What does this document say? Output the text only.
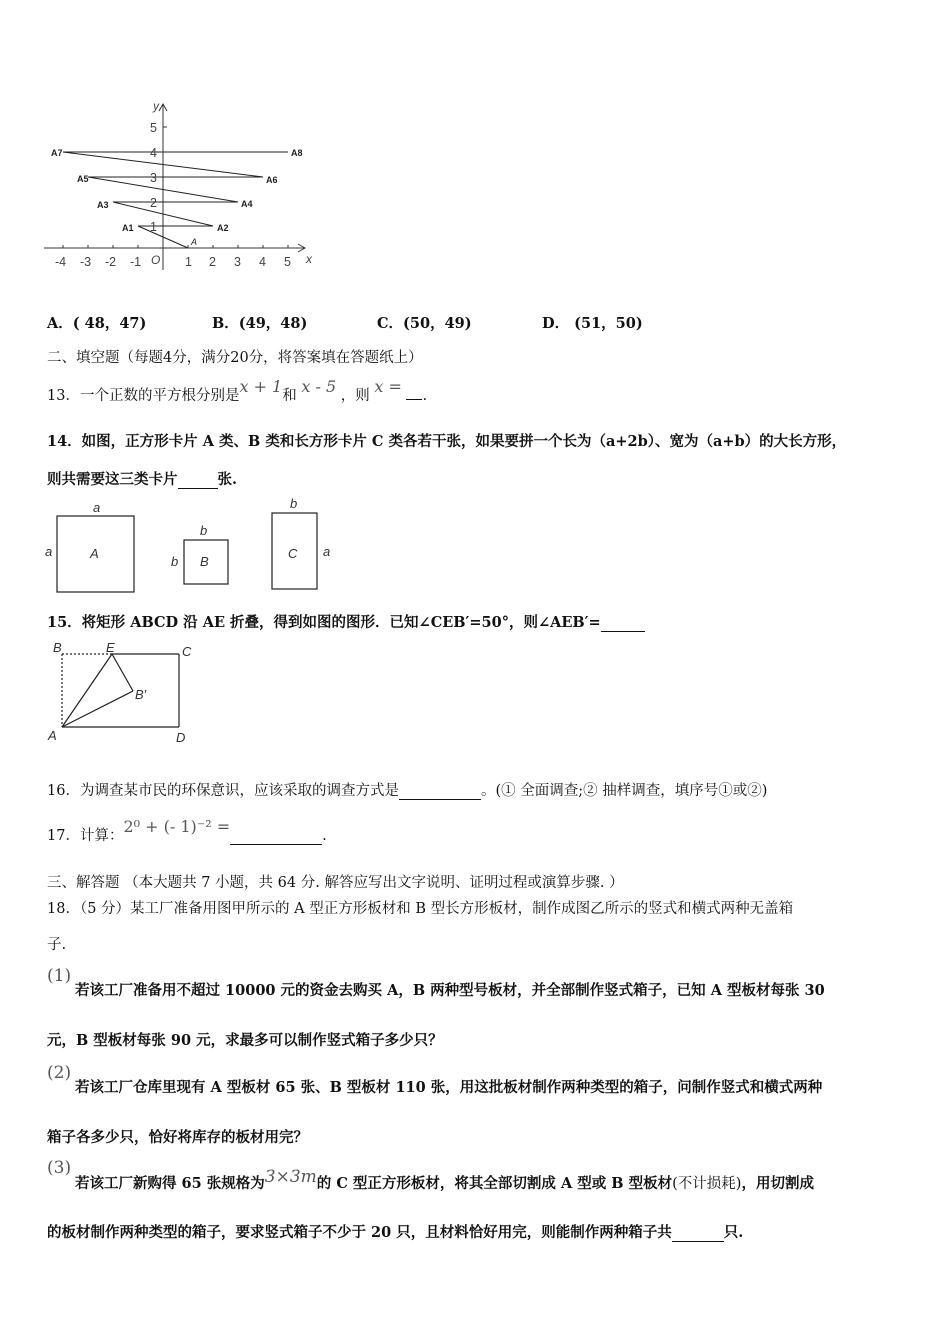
y
x
O
1
2
3
4
5
-4 -3 -2 -1	1 2 3 4 5
A
A1	A2
A3	A4
A5	A6
A7	A8
A．( 48，47)	B．(49，48)	C．(50，49)	D． (51，50)
二、填空题（每题4分，满分20分，将答案填在答题纸上）
13．一个正数的平方根分别是x + 1和 x - 5 ，则 x = .
14．如图，正方形卡片 A 类、B 类和长方形卡片 C 类各若干张，如果要拼一个长为（a+2b）、宽为（a+b）的大长方形，
则共需要这三类卡片	张.
a
a	A
b
b B
b
a
C
15．将矩形 ABCD 沿 AE 折叠，得到如图的图形．已知∠CEB′=50°，则∠AEB′=
B	E	C
B′
A	D
16．为调查某市民的环保意识，应该采取的调查方式是	。(① 全面调查;② 抽样调查，填序号①或②)
17．计算：2⁰ + (- 1)⁻² =	.
三、解答题 （本大题共 7 小题，共 64 分. 解答应写出文字说明、证明过程或演算步骤. ）
18．（5 分）某工厂准备用图甲所示的 A 型正方形板材和 B 型长方形板材，制作成图乙所示的竖式和横式两种无盖箱
子.
(1)
若该工厂准备用不超过 10000 元的资金去购买 A，B 两种型号板材，并全部制作竖式箱子，已知 A 型板材每张 30
元，B 型板材每张 90 元，求最多可以制作竖式箱子多少只？
(2)
若该工厂仓库里现有 A 型板材 65 张、B 型板材 110 张，用这批板材制作两种类型的箱子，问制作竖式和横式两种
箱子各多少只，恰好将库存的板材用完？
(3)
若该工厂新购得 65 张规格为3×3m的 C 型正方形板材，将其全部切割成 A 型或 B 型板材(不计损耗)，用切割成
的板材制作两种类型的箱子，要求竖式箱子不少于 20 只，且材料恰好用完，则能制作两种箱子共	只.
